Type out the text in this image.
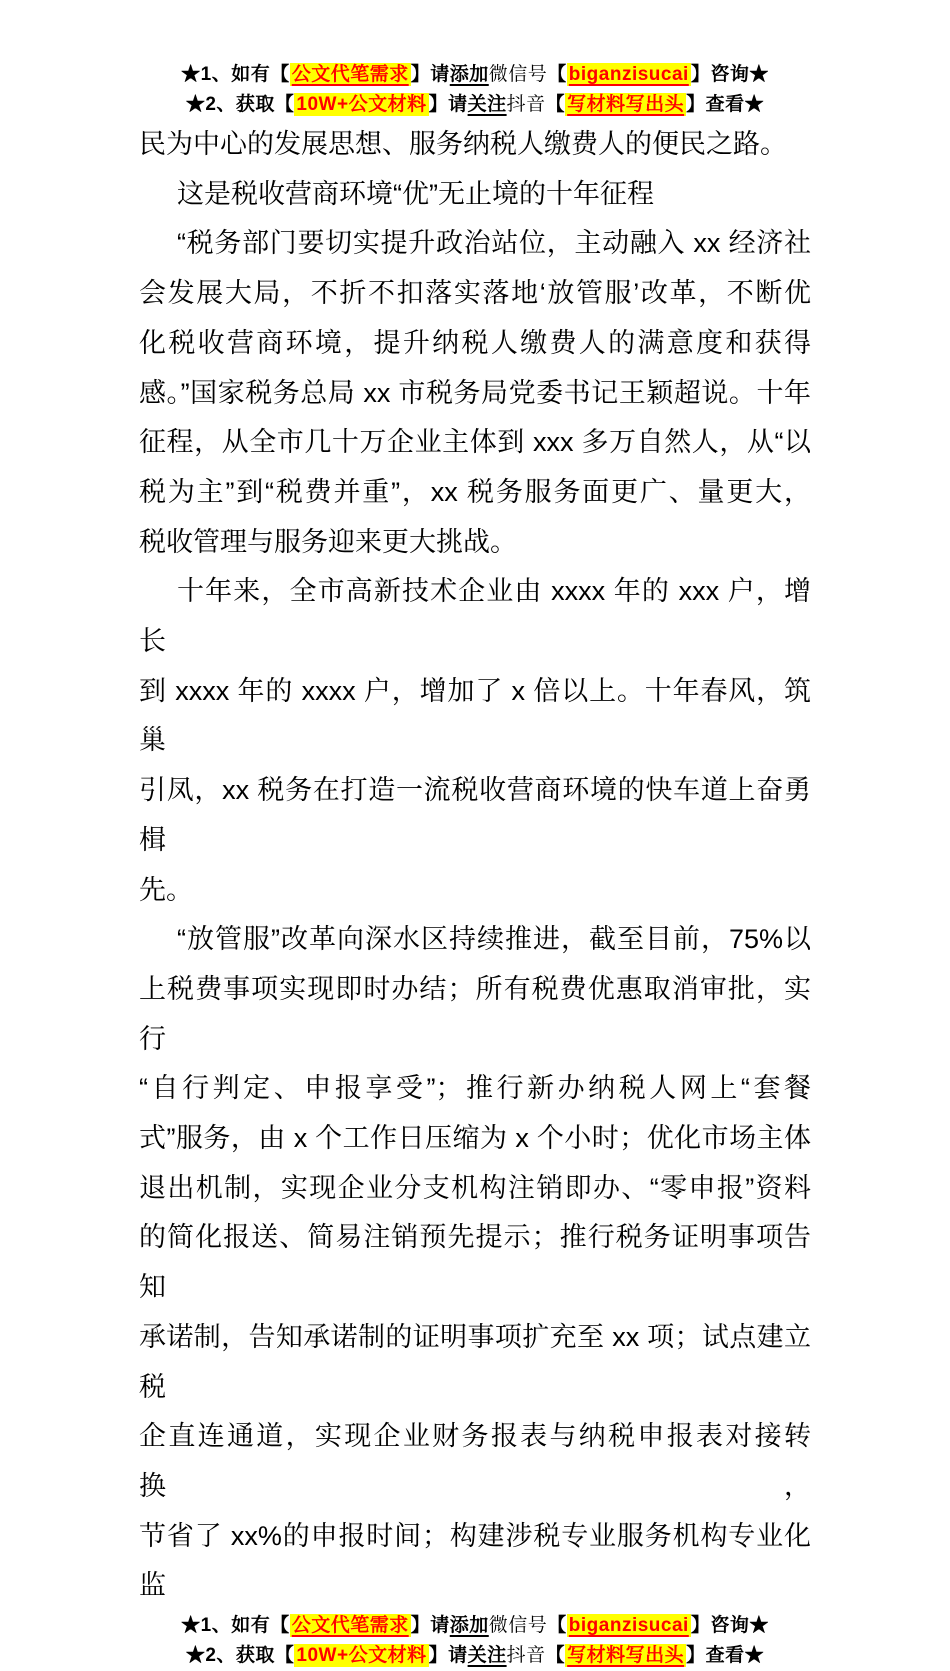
★1、如有【 公文代笔需求 】请添加微信号【 biganzisucai 】咨询★
★2、获取【 10W+公文材料 】请关注抖音【 写材料写出头 】查看★
民为中心的发展思想、服务纳税人缴费人的便民之路。
这是税收营商环境“优”无止境的十年征程
“税务部门要切实提升政治站位，主动融入 xx 经济社
会发展大局，不折不扣落实落地‘放管服’改革，不断优
化税收营商环境，提升纳税人缴费人的满意度和获得
感。”国家税务总局 xx 市税务局党委书记王颖超说。十年
征程，从全市几十万企业主体到 xxx 多万自然人，从“以
税为主”到“税费并重”，xx 税务服务面更广、量更大，
税收管理与服务迎来更大挑战。
十年来，全市高新技术企业由 xxxx 年的 xxx 户，增长
到 xxxx 年的 xxxx 户，增加了 x 倍以上。十年春风，筑巢
引凤，xx 税务在打造一流税收营商环境的快车道上奋勇楫
先。
“放管服”改革向深水区持续推进，截至目前，75%以
上税费事项实现即时办结；所有税费优惠取消审批，实行
“自行判定、申报享受”；推行新办纳税人网上“套餐
式”服务，由 x 个工作日压缩为 x 个小时；优化市场主体
退出机制，实现企业分支机构注销即办、“零申报”资料
的简化报送、简易注销预先提示；推行税务证明事项告知
承诺制，告知承诺制的证明事项扩充至 xx 项；试点建立税
企直连通道，实现企业财务报表与纳税申报表对接转换，
节省了 xx%的申报时间；构建涉税专业服务机构专业化监
★1、如有【 公文代笔需求 】请添加微信号【 biganzisucai 】咨询★
★2、获取【 10W+公文材料 】请关注抖音【 写材料写出头 】查看★
